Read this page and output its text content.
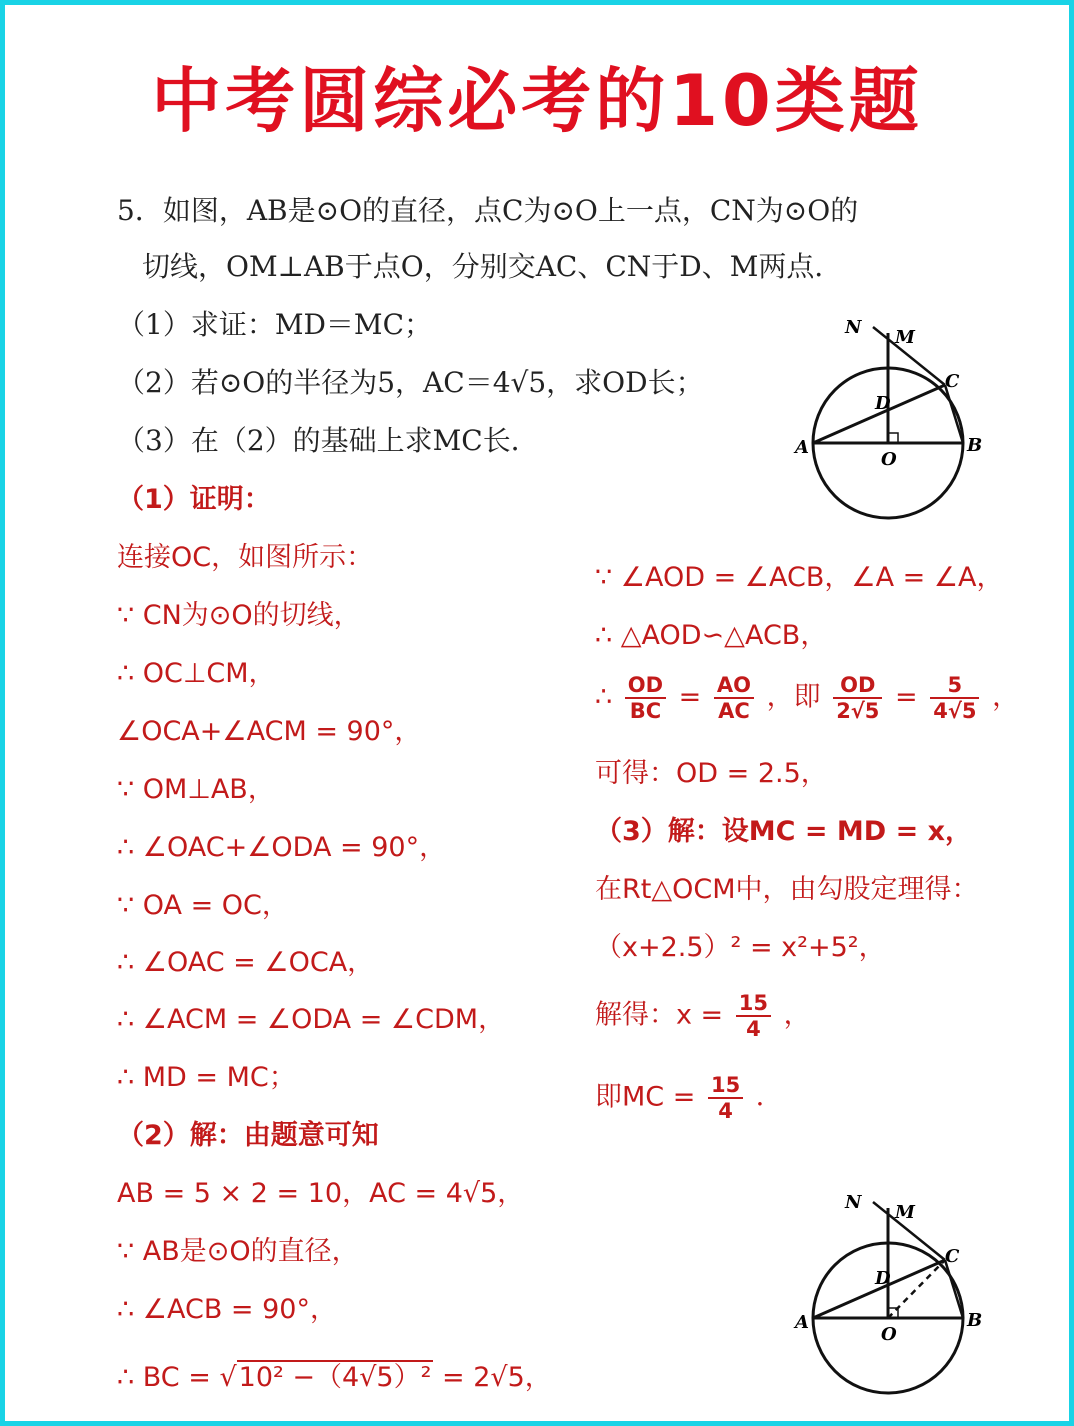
中考圆综必考的10类题
5．如图，AB是⊙O的直径，点C为⊙O上一点，CN为⊙O的
切线，OM⊥AB于点O，分别交AC、CN于D、M两点．
（1）求证：MD＝MC；
（2）若⊙O的半径为5，AC＝4√5，求OD长；
（3）在（2）的基础上求MC长．
N M
C
D
A
O
B
（1）证明：
连接OC，如图所示：
∵ CN为⊙O的切线，
∴ OC⊥CM，
∠OCA+∠ACM = 90°，
∵ OM⊥AB，
∴ ∠OAC+∠ODA = 90°，
∵ OA = OC，
∴ ∠OAC = ∠OCA，
∴ ∠ACM = ∠ODA = ∠CDM，
∴ MD = MC；
（2）解：由题意可知
AB = 5 × 2 = 10，AC = 4√5，
∵ AB是⊙O的直径，
∴ ∠ACB = 90°，
∴ BC = √10² −（4√5）² = 2√5，
∵ ∠AOD = ∠ACB，∠A = ∠A，
∴ △AOD∽△ACB，
∴ $\frac{OD}{BC} = \frac{AO}{AC}$ ，即 $\frac{OD}{2√5} = \frac{5}{4√5}$ ，
可得：OD = 2.5，
（3）解：设MC = MD = x，
在Rt△OCM中，由勾股定理得：
（x+2.5）² = x²+5²，
解得：$x = \frac{15}{4}$ ，
即MC = $\frac{15}{4}$ ．
N M
C
D
A
O
B
